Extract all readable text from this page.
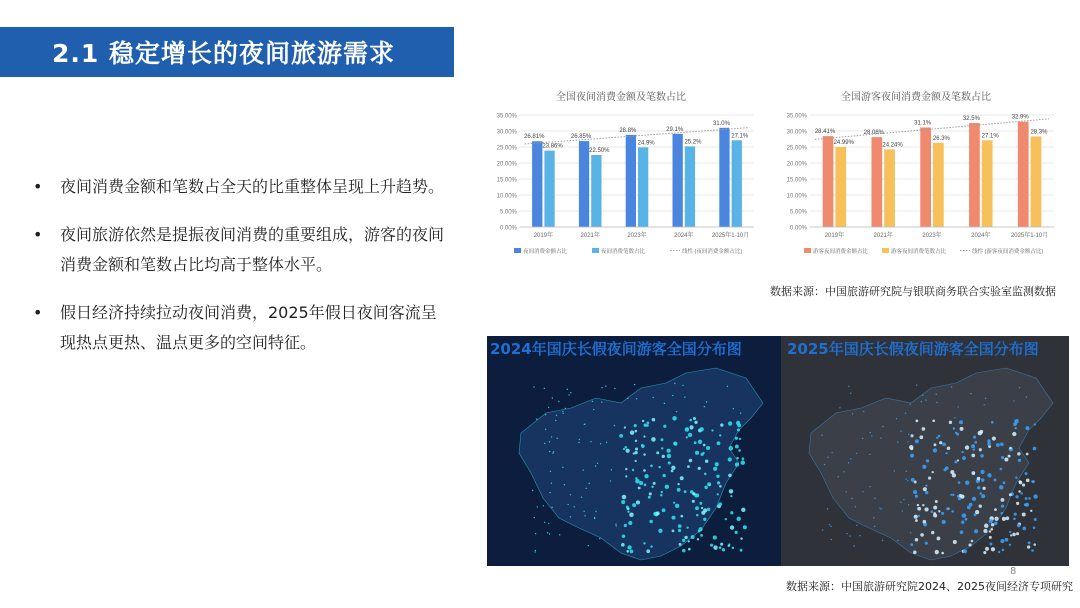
2.1 稳定增长的夜间旅游需求
• 夜间消费金额和笔数占全天的比重整体呈现上升趋势。
• 夜间旅游依然是提振夜间消费的重要组成，游客的夜间消费金额和笔数占比均高于整体水平。
• 假日经济持续拉动夜间消费，2025年假日夜间客流呈现热点更热、温点更多的空间特征。
全国夜间消费金额及笔数占比
0.00%
5.00%
10.00%
15.00%
20.00%
25.00%
30.00%
35.00%
26.81%
23.86%
2019年
26.85%
22.50%
2021年
28.8%
24.9%
2023年
29.1%
25.2%
2024年
31.0%
27.1%
2025年1-10月
夜间消费金额占比	夜间消费笔数占比	线性 (夜间消费金额占比)
全国游客夜间消费金额及笔数占比
0.00%
5.00%
10.00%
15.00%
20.00%
25.00%
30.00%
35.00%
28.41%
24.99%
2019年
28.08%
24.24%
2021年
31.1%
26.3%
2023年
32.5%
27.1%
2024年
32.9%
28.3%
2025年1-10月
游客夜间消费金额占比	游客夜间消费笔数占比	线性 (游客夜间消费金额占比)
数据来源：中国旅游研究院与银联商务联合实验室监测数据
2024年国庆长假夜间游客全国分布图	2025年国庆长假夜间游客全国分布图
8
数据来源：中国旅游研究院2024、2025夜间经济专项研究
